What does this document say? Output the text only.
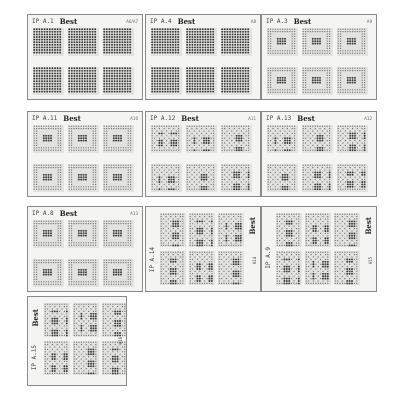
IP A.1 Best	A6/A7 IP A.4 Best	A8 IP A.3 Best	A9
IP A.11 Best	A10 IP A.12 Best	A11 IP A.13 Best	A12
IP A.8 Best	A13
IP A.14
Best
A14 IP A.9
Best
A15
IP A.15
Best
A16
